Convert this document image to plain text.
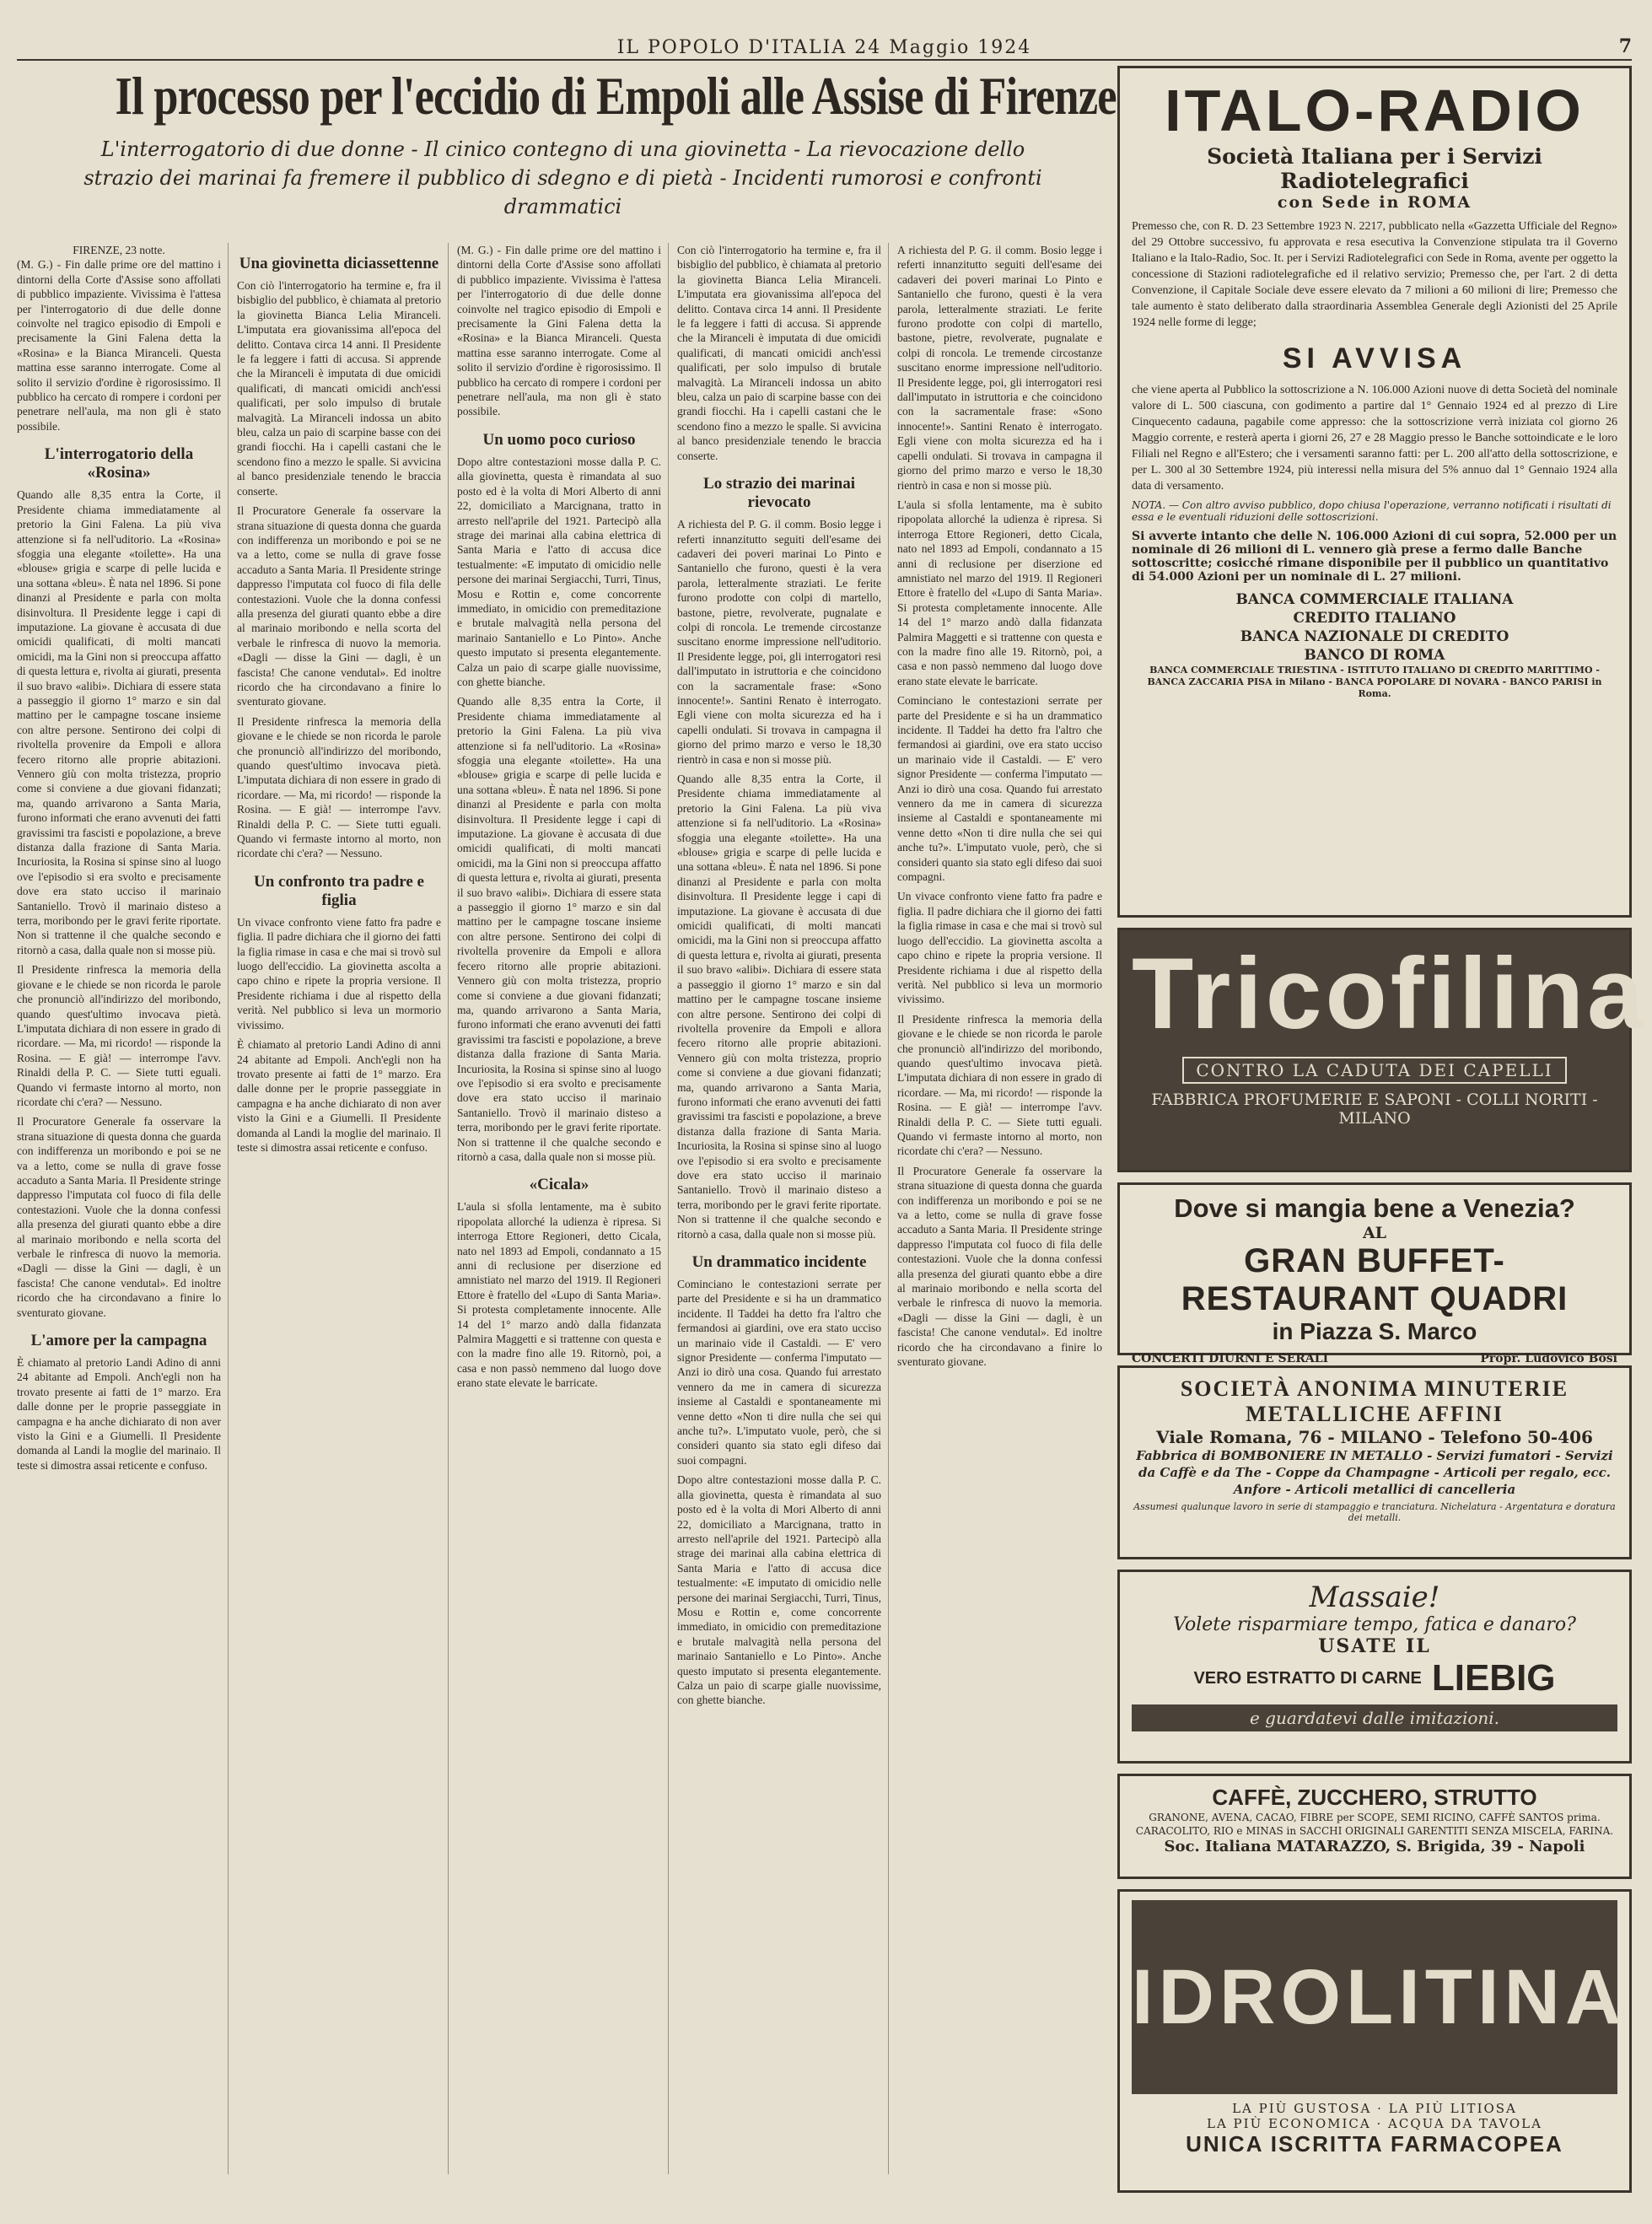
IL POPOLO D'ITALIA 24 Maggio 1924	7
Il processo per l'eccidio di Empoli alle Assise di Firenze
L'interrogatorio di due donne - Il cinico contegno di una giovinetta - La rievocazione dello strazio dei marinai fa fremere il pubblico di sdegno e di pietà - Incidenti rumorosi e confronti drammatici

FIRENZE, 23 notte.

(M. G.) - Fin dalle prime ore del mattino i dintorni della Corte d'Assise sono affollati di pubblico impaziente. Vivissima è l'attesa per l'interrogatorio di due delle donne coinvolte nel tragico episodio di Empoli e precisamente la Gini Falena detta la «Rosina» e la Bianca Miranceli. Questa mattina esse saranno interrogate. Come al solito il servizio d'ordine è rigorosissimo. Il pubblico ha cercato di rompere i cordoni per penetrare nell'aula, ma non gli è stato possibile.

L'interrogatorio della «Rosina»

Quando alle 8,35 entra la Corte, il Presidente chiama immediatamente al pretorio la Gini Falena. La più viva attenzione si fa nell'uditorio. La «Rosina» sfoggia una elegante «toilette». Ha una «blouse» grigia e scarpe di pelle lucida e una sottana «bleu». È nata nel 1896. Si pone dinanzi al Presidente e parla con molta disinvoltura. Il Presidente legge i capi di imputazione. La giovane è accusata di due omicidi qualificati, di molti mancati omicidi, ma la Gini non si preoccupa affatto di questa lettura e, rivolta ai giurati, presenta il suo bravo «alibi». Dichiara di essere stata a passeggio il giorno 1° marzo e sin dal mattino per le campagne toscane insieme con altre persone. Sentirono dei colpi di rivoltella provenire da Empoli e allora fecero ritorno alle proprie abitazioni. Vennero giù con molta tristezza, proprio come si conviene a due giovani fidanzati; ma, quando arrivarono a Santa Maria, furono informati che erano avvenuti dei fatti gravissimi tra fascisti e popolazione, a breve distanza dalla frazione di Santa Maria. Incuriosita, la Rosina si spinse sino al luogo ove l'episodio si era svolto e precisamente dove era stato ucciso il marinaio Santaniello. Trovò il marinaio disteso a terra, moribondo per le gravi ferite riportate. Non si trattenne il che qualche secondo e ritornò a casa, dalla quale non si mosse più.

Il Presidente rinfresca la memoria della giovane e le chiede se non ricorda le parole che pronunciò all'indirizzo del moribondo, quando quest'ultimo invocava pietà. L'imputata dichiara di non essere in grado di ricordare. — Ma, mi ricordo! — risponde la Rosina. — E già! — interrompe l'avv. Rinaldi della P. C. — Siete tutti eguali. Quando vi fermaste intorno al morto, non ricordate chi c'era? — Nessuno.

Il Procuratore Generale fa osservare la strana situazione di questa donna che guarda con indifferenza un moribondo e poi se ne va a letto, come se nulla di grave fosse accaduto a Santa Maria. Il Presidente stringe dappresso l'imputata col fuoco di fila delle contestazioni. Vuole che la donna confessi alla presenza del giurati quanto ebbe a dire al marinaio moribondo e nella scorta del verbale le rinfresca di nuovo la memoria. «Dagli — disse la Gini — dagli, è un fascista! Che canone vendutal». Ed inoltre ricordo che ha circondavano a finire lo sventurato giovane.

L'amore per la campagna

È chiamato al pretorio Landi Adino di anni 24 abitante ad Empoli. Anch'egli non ha trovato presente ai fatti de 1° marzo. Era dalle donne per le proprie passeggiate in campagna e ha anche dichiarato di non aver visto la Gini e a Giumelli. Il Presidente domanda al Landi la moglie del marinaio. Il teste si dimostra assai reticente e confuso.

Una giovinetta diciassettenne

Con ciò l'interrogatorio ha termine e, fra il bisbiglio del pubblico, è chiamata al pretorio la giovinetta Bianca Lelia Miranceli. L'imputata era giovanissima all'epoca del delitto. Contava circa 14 anni. Il Presidente le fa leggere i fatti di accusa. Si apprende che la Miranceli è imputata di due omicidi qualificati, di mancati omicidi anch'essi qualificati, per solo impulso di brutale malvagità. La Miranceli indossa un abito bleu, calza un paio di scarpine basse con dei grandi fiocchi. Ha i capelli castani che le scendono fino a mezzo le spalle. Si avvicina al banco presidenziale tenendo le braccia conserte.

Il Procuratore Generale fa osservare la strana situazione di questa donna che guarda con indifferenza un moribondo e poi se ne va a letto, come se nulla di grave fosse accaduto a Santa Maria. Il Presidente stringe dappresso l'imputata col fuoco di fila delle contestazioni. Vuole che la donna confessi alla presenza del giurati quanto ebbe a dire al marinaio moribondo e nella scorta del verbale le rinfresca di nuovo la memoria. «Dagli — disse la Gini — dagli, è un fascista! Che canone vendutal». Ed inoltre ricordo che ha circondavano a finire lo sventurato giovane.

Il Presidente rinfresca la memoria della giovane e le chiede se non ricorda le parole che pronunciò all'indirizzo del moribondo, quando quest'ultimo invocava pietà. L'imputata dichiara di non essere in grado di ricordare. — Ma, mi ricordo! — risponde la Rosina. — E già! — interrompe l'avv. Rinaldi della P. C. — Siete tutti eguali. Quando vi fermaste intorno al morto, non ricordate chi c'era? — Nessuno.

Un confronto tra padre e figlia

Un vivace confronto viene fatto fra padre e figlia. Il padre dichiara che il giorno dei fatti la figlia rimase in casa e che mai si trovò sul luogo dell'eccidio. La giovinetta ascolta a capo chino e ripete la propria versione. Il Presidente richiama i due al rispetto della verità. Nel pubblico si leva un mormorio vivissimo.

È chiamato al pretorio Landi Adino di anni 24 abitante ad Empoli. Anch'egli non ha trovato presente ai fatti de 1° marzo. Era dalle donne per le proprie passeggiate in campagna e ha anche dichiarato di non aver visto la Gini e a Giumelli. Il Presidente domanda al Landi la moglie del marinaio. Il teste si dimostra assai reticente e confuso.

(M. G.) - Fin dalle prime ore del mattino i dintorni della Corte d'Assise sono affollati di pubblico impaziente. Vivissima è l'attesa per l'interrogatorio di due delle donne coinvolte nel tragico episodio di Empoli e precisamente la Gini Falena detta la «Rosina» e la Bianca Miranceli. Questa mattina esse saranno interrogate. Come al solito il servizio d'ordine è rigorosissimo. Il pubblico ha cercato di rompere i cordoni per penetrare nell'aula, ma non gli è stato possibile.

Un uomo poco curioso

Dopo altre contestazioni mosse dalla P. C. alla giovinetta, questa è rimandata al suo posto ed è la volta di Mori Alberto di anni 22, domiciliato a Marcignana, tratto in arresto nell'aprile del 1921. Partecipò alla strage dei marinai alla cabina elettrica di Santa Maria e l'atto di accusa dice testualmente: «E imputato di omicidio nelle persone dei marinai Sergiacchi, Turri, Tinus, Mosu e Rottin e, come concorrente immediato, in omicidio con premeditazione e brutale malvagità nella persona del marinaio Santaniello e Lo Pinto». Anche questo imputato si presenta elegantemente. Calza un paio di scarpe gialle nuovissime, con ghette bianche.

Quando alle 8,35 entra la Corte, il Presidente chiama immediatamente al pretorio la Gini Falena. La più viva attenzione si fa nell'uditorio. La «Rosina» sfoggia una elegante «toilette». Ha una «blouse» grigia e scarpe di pelle lucida e una sottana «bleu». È nata nel 1896. Si pone dinanzi al Presidente e parla con molta disinvoltura. Il Presidente legge i capi di imputazione. La giovane è accusata di due omicidi qualificati, di molti mancati omicidi, ma la Gini non si preoccupa affatto di questa lettura e, rivolta ai giurati, presenta il suo bravo «alibi». Dichiara di essere stata a passeggio il giorno 1° marzo e sin dal mattino per le campagne toscane insieme con altre persone. Sentirono dei colpi di rivoltella provenire da Empoli e allora fecero ritorno alle proprie abitazioni. Vennero giù con molta tristezza, proprio come si conviene a due giovani fidanzati; ma, quando arrivarono a Santa Maria, furono informati che erano avvenuti dei fatti gravissimi tra fascisti e popolazione, a breve distanza dalla frazione di Santa Maria. Incuriosita, la Rosina si spinse sino al luogo ove l'episodio si era svolto e precisamente dove era stato ucciso il marinaio Santaniello. Trovò il marinaio disteso a terra, moribondo per le gravi ferite riportate. Non si trattenne il che qualche secondo e ritornò a casa, dalla quale non si mosse più.

«Cicala»

L'aula si sfolla lentamente, ma è subito ripopolata allorché la udienza è ripresa. Si interroga Ettore Regioneri, detto Cicala, nato nel 1893 ad Empoli, condannato a 15 anni di reclusione per diserzione ed amnistiato nel marzo del 1919. Il Regioneri Ettore è fratello del «Lupo di Santa Maria». Si protesta completamente innocente. Alle 14 del 1° marzo andò dalla fidanzata Palmira Maggetti e si trattenne con questa e con la madre fino alle 19. Ritornò, poi, a casa e non passò nemmeno dal luogo dove erano state elevate le barricate.

Con ciò l'interrogatorio ha termine e, fra il bisbiglio del pubblico, è chiamata al pretorio la giovinetta Bianca Lelia Miranceli. L'imputata era giovanissima all'epoca del delitto. Contava circa 14 anni. Il Presidente le fa leggere i fatti di accusa. Si apprende che la Miranceli è imputata di due omicidi qualificati, di mancati omicidi anch'essi qualificati, per solo impulso di brutale malvagità. La Miranceli indossa un abito bleu, calza un paio di scarpine basse con dei grandi fiocchi. Ha i capelli castani che le scendono fino a mezzo le spalle. Si avvicina al banco presidenziale tenendo le braccia conserte.

Lo strazio dei marinai rievocato

A richiesta del P. G. il comm. Bosio legge i referti innanzitutto seguiti dell'esame dei cadaveri dei poveri marinai Lo Pinto e Santaniello che furono, questi è la vera parola, letteralmente straziati. Le ferite furono prodotte con colpi di martello, bastone, pietre, revolverate, pugnalate e colpi di roncola. Le tremende circostanze suscitano enorme impressione nell'uditorio. Il Presidente legge, poi, gli interrogatori resi dall'imputato in istruttoria e che coincidono con la sacramentale frase: «Sono innocente!». Santini Renato è interrogato. Egli viene con molta sicurezza ed ha i capelli ondulati. Si trovava in campagna il giorno del primo marzo e verso le 18,30 rientrò in casa e non si mosse più.

Quando alle 8,35 entra la Corte, il Presidente chiama immediatamente al pretorio la Gini Falena. La più viva attenzione si fa nell'uditorio. La «Rosina» sfoggia una elegante «toilette». Ha una «blouse» grigia e scarpe di pelle lucida e una sottana «bleu». È nata nel 1896. Si pone dinanzi al Presidente e parla con molta disinvoltura. Il Presidente legge i capi di imputazione. La giovane è accusata di due omicidi qualificati, di molti mancati omicidi, ma la Gini non si preoccupa affatto di questa lettura e, rivolta ai giurati, presenta il suo bravo «alibi». Dichiara di essere stata a passeggio il giorno 1° marzo e sin dal mattino per le campagne toscane insieme con altre persone. Sentirono dei colpi di rivoltella provenire da Empoli e allora fecero ritorno alle proprie abitazioni. Vennero giù con molta tristezza, proprio come si conviene a due giovani fidanzati; ma, quando arrivarono a Santa Maria, furono informati che erano avvenuti dei fatti gravissimi tra fascisti e popolazione, a breve distanza dalla frazione di Santa Maria. Incuriosita, la Rosina si spinse sino al luogo ove l'episodio si era svolto e precisamente dove era stato ucciso il marinaio Santaniello. Trovò il marinaio disteso a terra, moribondo per le gravi ferite riportate. Non si trattenne il che qualche secondo e ritornò a casa, dalla quale non si mosse più.

Un drammatico incidente

Cominciano le contestazioni serrate per parte del Presidente e si ha un drammatico incidente. Il Taddei ha detto fra l'altro che fermandosi ai giardini, ove era stato ucciso un marinaio vide il Castaldi. — E' vero signor Presidente — conferma l'imputato — Anzi io dirò una cosa. Quando fui arrestato vennero da me in camera di sicurezza insieme al Castaldi e spontaneamente mi venne detto «Non ti dire nulla che sei qui anche tu?». L'imputato vuole, però, che si consideri quanto sia stato egli difeso dai suoi compagni.

Dopo altre contestazioni mosse dalla P. C. alla giovinetta, questa è rimandata al suo posto ed è la volta di Mori Alberto di anni 22, domiciliato a Marcignana, tratto in arresto nell'aprile del 1921. Partecipò alla strage dei marinai alla cabina elettrica di Santa Maria e l'atto di accusa dice testualmente: «E imputato di omicidio nelle persone dei marinai Sergiacchi, Turri, Tinus, Mosu e Rottin e, come concorrente immediato, in omicidio con premeditazione e brutale malvagità nella persona del marinaio Santaniello e Lo Pinto». Anche questo imputato si presenta elegantemente. Calza un paio di scarpe gialle nuovissime, con ghette bianche.

A richiesta del P. G. il comm. Bosio legge i referti innanzitutto seguiti dell'esame dei cadaveri dei poveri marinai Lo Pinto e Santaniello che furono, questi è la vera parola, letteralmente straziati. Le ferite furono prodotte con colpi di martello, bastone, pietre, revolverate, pugnalate e colpi di roncola. Le tremende circostanze suscitano enorme impressione nell'uditorio. Il Presidente legge, poi, gli interrogatori resi dall'imputato in istruttoria e che coincidono con la sacramentale frase: «Sono innocente!». Santini Renato è interrogato. Egli viene con molta sicurezza ed ha i capelli ondulati. Si trovava in campagna il giorno del primo marzo e verso le 18,30 rientrò in casa e non si mosse più.

L'aula si sfolla lentamente, ma è subito ripopolata allorché la udienza è ripresa. Si interroga Ettore Regioneri, detto Cicala, nato nel 1893 ad Empoli, condannato a 15 anni di reclusione per diserzione ed amnistiato nel marzo del 1919. Il Regioneri Ettore è fratello del «Lupo di Santa Maria». Si protesta completamente innocente. Alle 14 del 1° marzo andò dalla fidanzata Palmira Maggetti e si trattenne con questa e con la madre fino alle 19. Ritornò, poi, a casa e non passò nemmeno dal luogo dove erano state elevate le barricate.

Cominciano le contestazioni serrate per parte del Presidente e si ha un drammatico incidente. Il Taddei ha detto fra l'altro che fermandosi ai giardini, ove era stato ucciso un marinaio vide il Castaldi. — E' vero signor Presidente — conferma l'imputato — Anzi io dirò una cosa. Quando fui arrestato vennero da me in camera di sicurezza insieme al Castaldi e spontaneamente mi venne detto «Non ti dire nulla che sei qui anche tu?». L'imputato vuole, però, che si consideri quanto sia stato egli difeso dai suoi compagni.

Un vivace confronto viene fatto fra padre e figlia. Il padre dichiara che il giorno dei fatti la figlia rimase in casa e che mai si trovò sul luogo dell'eccidio. La giovinetta ascolta a capo chino e ripete la propria versione. Il Presidente richiama i due al rispetto della verità. Nel pubblico si leva un mormorio vivissimo.

Il Presidente rinfresca la memoria della giovane e le chiede se non ricorda le parole che pronunciò all'indirizzo del moribondo, quando quest'ultimo invocava pietà. L'imputata dichiara di non essere in grado di ricordare. — Ma, mi ricordo! — risponde la Rosina. — E già! — interrompe l'avv. Rinaldi della P. C. — Siete tutti eguali. Quando vi fermaste intorno al morto, non ricordate chi c'era? — Nessuno.

Il Procuratore Generale fa osservare la strana situazione di questa donna che guarda con indifferenza un moribondo e poi se ne va a letto, come se nulla di grave fosse accaduto a Santa Maria. Il Presidente stringe dappresso l'imputata col fuoco di fila delle contestazioni. Vuole che la donna confessi alla presenza del giurati quanto ebbe a dire al marinaio moribondo e nella scorta del verbale le rinfresca di nuovo la memoria. «Dagli — disse la Gini — dagli, è un fascista! Che canone vendutal». Ed inoltre ricordo che ha circondavano a finire lo sventurato giovane.

ITALO-RADIO
Società Italiana per i Servizi Radiotelegrafici
con Sede in ROMA
Premesso che, con R. D. 23 Settembre 1923 N. 2217, pubblicato nella «Gazzetta Ufficiale del Regno» del 29 Ottobre successivo, fu approvata e resa esecutiva la Convenzione stipulata tra il Governo Italiano e la Italo-Radio, Soc. It. per i Servizi Radiotelegrafici con Sede in Roma, avente per oggetto la concessione di Stazioni radiotelegrafiche ed il relativo servizio; Premesso che, per l'art. 2 di detta Convenzione, il Capitale Sociale deve essere elevato da 7 milioni a 60 milioni di lire; Premesso che tale aumento è stato deliberato dalla straordinaria Assemblea Generale degli Azionisti del 25 Aprile 1924 nelle forme di legge;
SI AVVISA
che viene aperta al Pubblico la sottoscrizione a N. 106.000 Azioni nuove di detta Società del nominale valore di L. 500 ciascuna, con godimento a partire dal 1° Gennaio 1924 ed al prezzo di Lire Cinquecento cadauna, pagabile come appresso: che la sottoscrizione verrà iniziata col giorno 26 Maggio corrente, e resterà aperta i giorni 26, 27 e 28 Maggio presso le Banche sottoindicate e le loro Filiali nel Regno e all'Estero; che i versamenti saranno fatti: per L. 200 all'atto della sottoscrizione, e per L. 300 al 30 Settembre 1924, più interessi nella misura del 5% annuo dal 1° Gennaio 1924 alla data di versamento.
NOTA. — Con altro avviso pubblico, dopo chiusa l'operazione, verranno notificati i risultati di essa e le eventuali riduzioni delle sottoscrizioni.
Si avverte intanto che delle N. 106.000 Azioni di cui sopra, 52.000 per un nominale di 26 milioni di L. vennero già prese a fermo dalle Banche sottoscritte; cosicché rimane disponibile per il pubblico un quantitativo di 54.000 Azioni per un nominale di L. 27 milioni.
BANCA COMMERCIALE ITALIANA
CREDITO ITALIANO
BANCA NAZIONALE DI CREDITO
BANCO DI ROMA
BANCA COMMERCIALE TRIESTINA - ISTITUTO ITALIANO DI CREDITO MARITTIMO - BANCA ZACCARIA PISA in Milano - BANCA POPOLARE DI NOVARA - BANCO PARISI in Roma.
Tricofilina
CONTRO LA CADUTA DEI CAPELLI
FABBRICA PROFUMERIE E SAPONI - COLLI NORITI - MILANO
Dove si mangia bene a Venezia?
AL
GRAN BUFFET-RESTAURANT QUADRI
in Piazza S. Marco
CONCERTI DIURNI E SERALI	Propr. Ludovico Bosi
SOCIETÀ ANONIMA MINUTERIE METALLICHE AFFINI
Viale Romana, 76 - MILANO - Telefono 50-406
Fabbrica di BOMBONIERE IN METALLO - Servizi fumatori - Servizi da Caffè e da The - Coppe da Champagne - Articoli per regalo, ecc. Anfore - Articoli metallici di cancelleria
Assumesi qualunque lavoro in serie di stampaggio e tranciatura. Nichelatura - Argentatura e doratura dei metalli.
Massaie!
Volete risparmiare tempo, fatica e danaro?
USATE IL
VERO ESTRATTO DI CARNE LIEBIG
e guardatevi dalle imitazioni.
CAFFÈ, ZUCCHERO, STRUTTO
GRANONE, AVENA, CACAO, FIBRE per SCOPE, SEMI RICINO, CAFFÈ SANTOS prima. CARACOLITO, RIO e MINAS in SACCHI ORIGINALI GARENTITI SENZA MISCELA, FARINA.
Soc. Italiana MATARAZZO, S. Brigida, 39 - Napoli
IDROLITINA
LA PIÙ GUSTOSA · LA PIÙ LITIOSA
LA PIÙ ECONOMICA · ACQUA DA TAVOLA
UNICA ISCRITTA FARMACOPEA
